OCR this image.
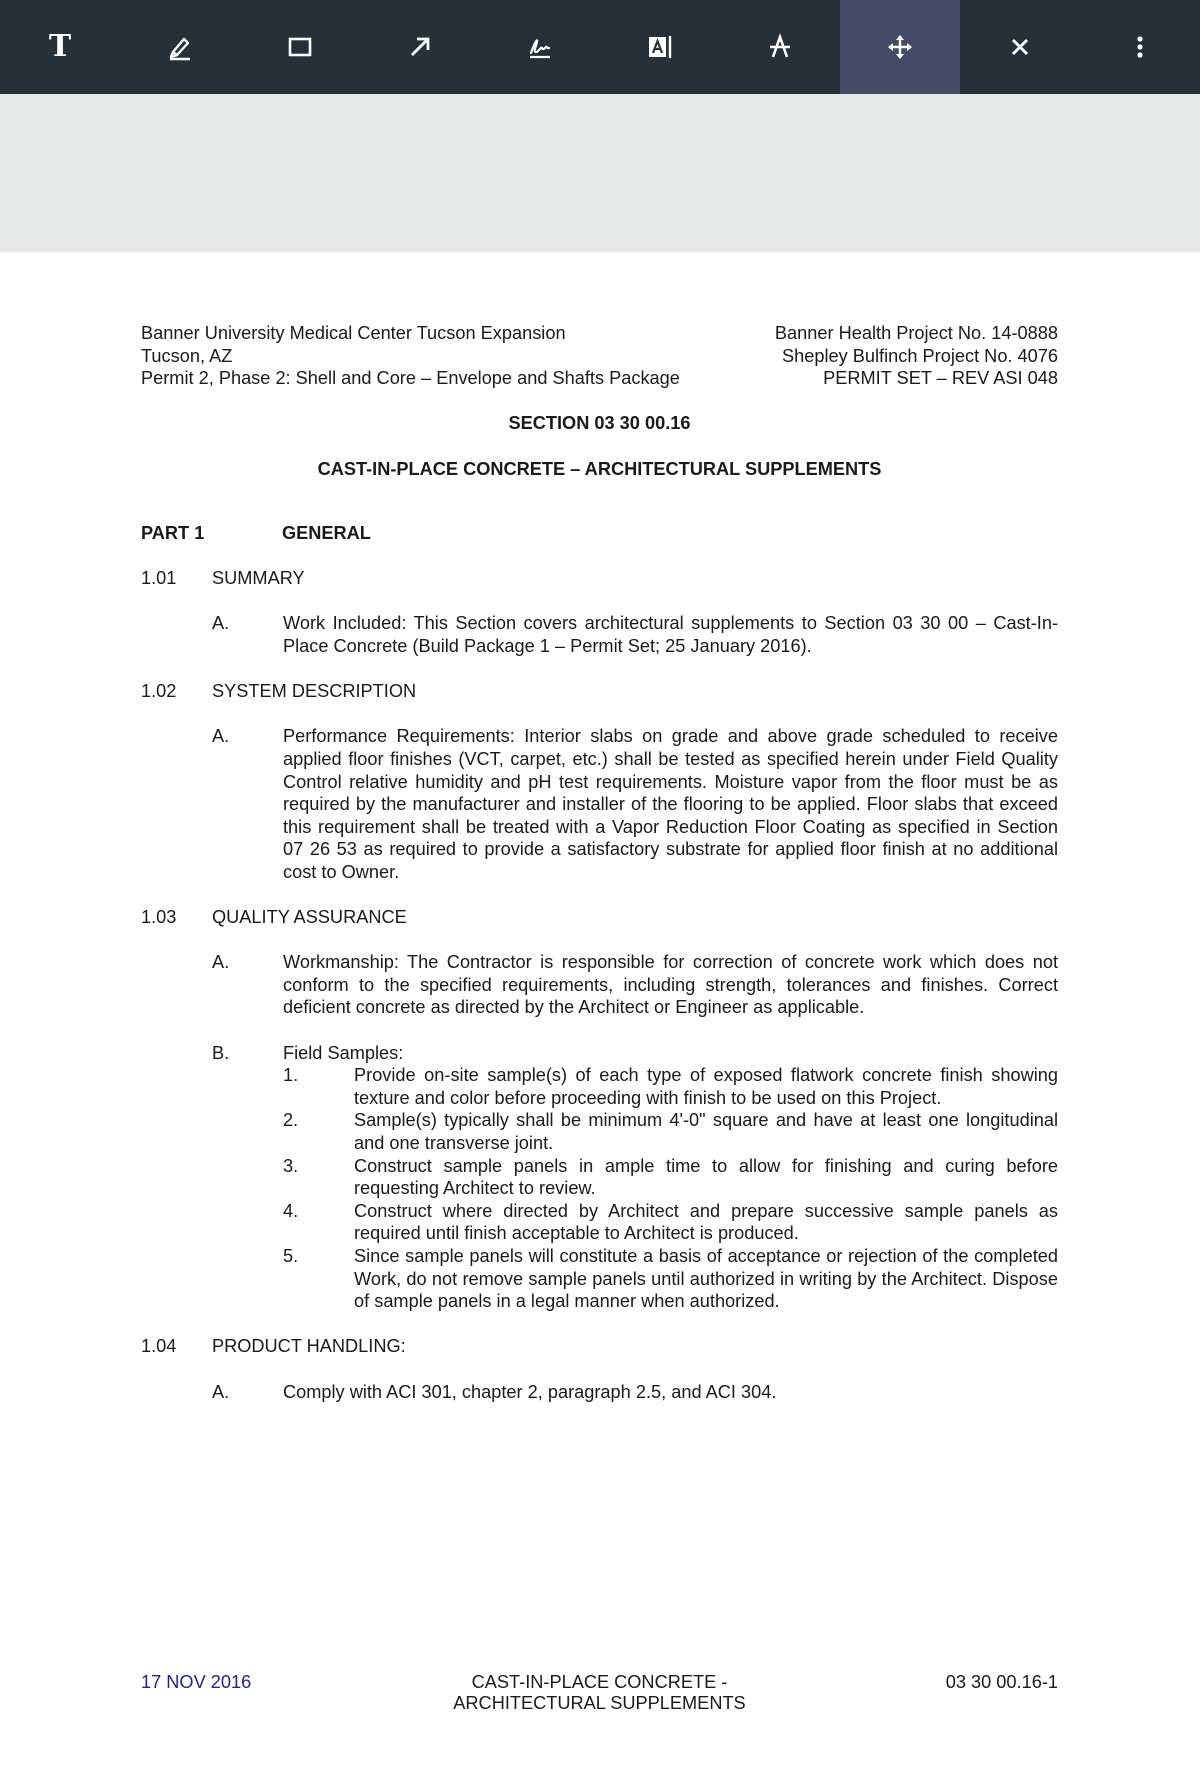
T
Banner University Medical Center Tucson Expansion
Tucson, AZ
Permit 2, Phase 2: Shell and Core – Envelope and Shafts Package
Banner Health Project No. 14-0888
Shepley Bulfinch Project No. 4076
PERMIT SET – REV ASI 048
SECTION 03 30 00.16
CAST-IN-PLACE CONCRETE – ARCHITECTURAL SUPPLEMENTS
PART 1	GENERAL
1.01	SUMMARY
A.	Work Included: This Section covers architectural supplements to Section 03 30 00 – Cast-In-Place Concrete (Build Package 1 – Permit Set; 25 January 2016).
1.02	SYSTEM DESCRIPTION
A.	Performance Requirements: Interior slabs on grade and above grade scheduled to receive applied floor finishes (VCT, carpet, etc.) shall be tested as specified herein under Field Quality Control relative humidity and pH test requirements. Moisture vapor from the floor must be as required by the manufacturer and installer of the flooring to be applied. Floor slabs that exceed this requirement shall be treated with a Vapor Reduction Floor Coating as specified in Section 07 26 53 as required to provide a satisfactory substrate for applied floor finish at no additional cost to Owner.
1.03	QUALITY ASSURANCE
A.	Workmanship: The Contractor is responsible for correction of concrete work which does not conform to the specified requirements, including strength, tolerances and finishes. Correct deficient concrete as directed by the Architect or Engineer as applicable.
B.	Field Samples:
1.	Provide on-site sample(s) of each type of exposed flatwork concrete finish showing texture and color before proceeding with finish to be used on this Project.
2.	Sample(s) typically shall be minimum 4'-0" square and have at least one longitudinal and one transverse joint.
3.	Construct sample panels in ample time to allow for finishing and curing before requesting Architect to review.
4.	Construct where directed by Architect and prepare successive sample panels as required until finish acceptable to Architect is produced.
5.	Since sample panels will constitute a basis of acceptance or rejection of the completed Work, do not remove sample panels until authorized in writing by the Architect. Dispose of sample panels in a legal manner when authorized.
1.04	PRODUCT HANDLING:
A.	Comply with ACI 301, chapter 2, paragraph 2.5, and ACI 304.
17 NOV 2016	CAST-IN-PLACE CONCRETE -
ARCHITECTURAL SUPPLEMENTS
03 30 00.16-1
